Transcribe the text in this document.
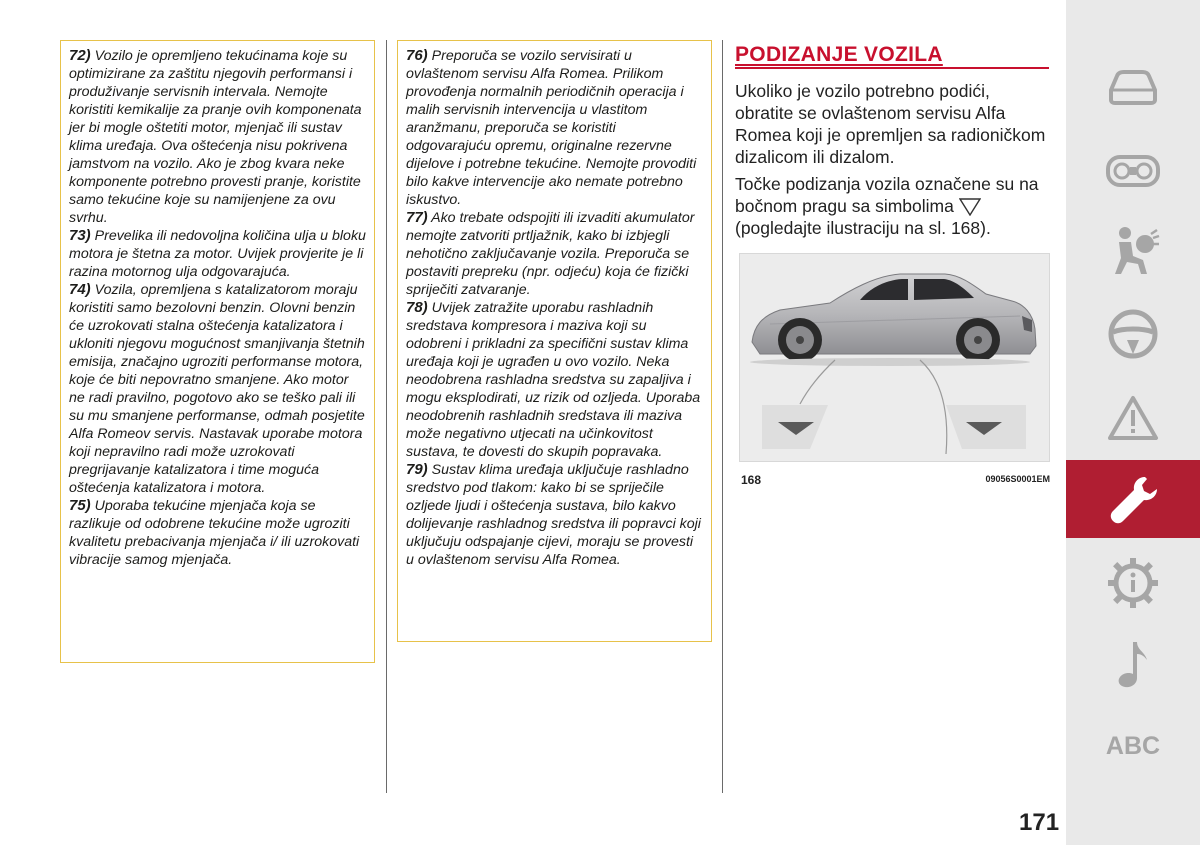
72) Vozilo je opremljeno tekućinama koje su optimizirane za zaštitu njegovih performansi i produživanje servisnih intervala. Nemojte koristiti kemikalije za pranje ovih komponenata jer bi mogle oštetiti motor, mjenjač ili sustav klima uređaja. Ova oštećenja nisu pokrivena jamstvom na vozilo. Ako je zbog kvara neke komponente potrebno provesti pranje, koristite samo tekućine koje su namijenjene za ovu svrhu.

73) Prevelika ili nedovoljna količina ulja u bloku motora je štetna za motor. Uvijek provjerite je li razina motornog ulja odgovarajuća.

74) Vozila, opremljena s katalizatorom moraju koristiti samo bezolovni benzin. Olovni benzin će uzrokovati stalna oštećenja katalizatora i ukloniti njegovu mogućnost smanjivanja štetnih emisija, značajno ugroziti performanse motora, koje će biti nepovratno smanjene. Ako motor ne radi pravilno, pogotovo ako se teško pali ili su mu smanjene performanse, odmah posjetite Alfa Romeov servis. Nastavak uporabe motora koji nepravilno radi može uzrokovati pregrijavanje katalizatora i time moguća oštećenja katalizatora i motora.

75) Uporaba tekućine mjenjača koja se razlikuje od odobrene tekućine može ugroziti kvalitetu prebacivanja mjenjača i/ ili uzrokovati vibracije samog mjenjača.

76) Preporuča se vozilo servisirati u ovlaštenom servisu Alfa Romea. Prilikom provođenja normalnih periodičnih operacija i malih servisnih intervencija u vlastitom aranžmanu, preporuča se koristiti odgovarajuću opremu, originalne rezervne dijelove i potrebne tekućine. Nemojte provoditi bilo kakve intervencije ako nemate potrebno iskustvo.

77) Ako trebate odspojiti ili izvaditi akumulator nemojte zatvoriti prtljažnik, kako bi izbjegli nehotično zaključavanje vozila. Preporuča se postaviti prepreku (npr. odjeću) koja će fizički spriječiti zatvaranje.

78) Uvijek zatražite uporabu rashladnih sredstava kompresora i maziva koji su odobreni i prikladni za specifični sustav klima uređaja koji je ugrađen u ovo vozilo. Neka neodobrena rashladna sredstva su zapaljiva i mogu eksplodirati, uz rizik od ozljeda. Uporaba neodobrenih rashladnih sredstava ili maziva može negativno utjecati na učinkovitost sustava, te dovesti do skupih popravaka.

79) Sustav klima uređaja uključuje rashladno sredstvo pod tlakom: kako bi se spriječile ozljede ljudi i oštećenja sustava, bilo kakvo dolijevanje rashladnog sredstva ili popravci koji uključuju odspajanje cijevi, moraju se provesti u ovlaštenom servisu Alfa Romea.

PODIZANJE VOZILA

Ukoliko je vozilo potrebno podići, obratite se ovlaštenom servisu Alfa Romea koji je opremljen sa radioničkom dizalicom ili dizalom.

Točke podizanja vozila označene su na bočnom pragu sa simbolima  (pogledajte ilustraciju na sl. 168).

168	09056S0001EM
ABC
171
